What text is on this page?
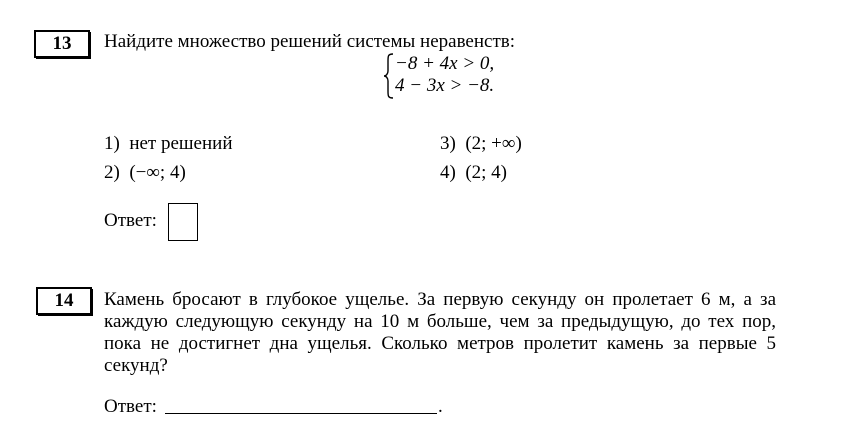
13	Найдите множество решений системы неравенств:
−8 + 4x > 0,
4 − 3x > −8.
1) нет решений
2) (−∞; 4)
3) (2; +∞)
4) (2; 4)
Ответ:
14	Камень бросают в глубокое ущелье. За первую секунду он пролетает 6 м, а за каждую следующую секунду на 10 м больше, чем за предыдущую, до тех пор, пока не достигнет дна ущелья. Сколько метров пролетит камень за первые 5 секунд?
Ответ:	.
